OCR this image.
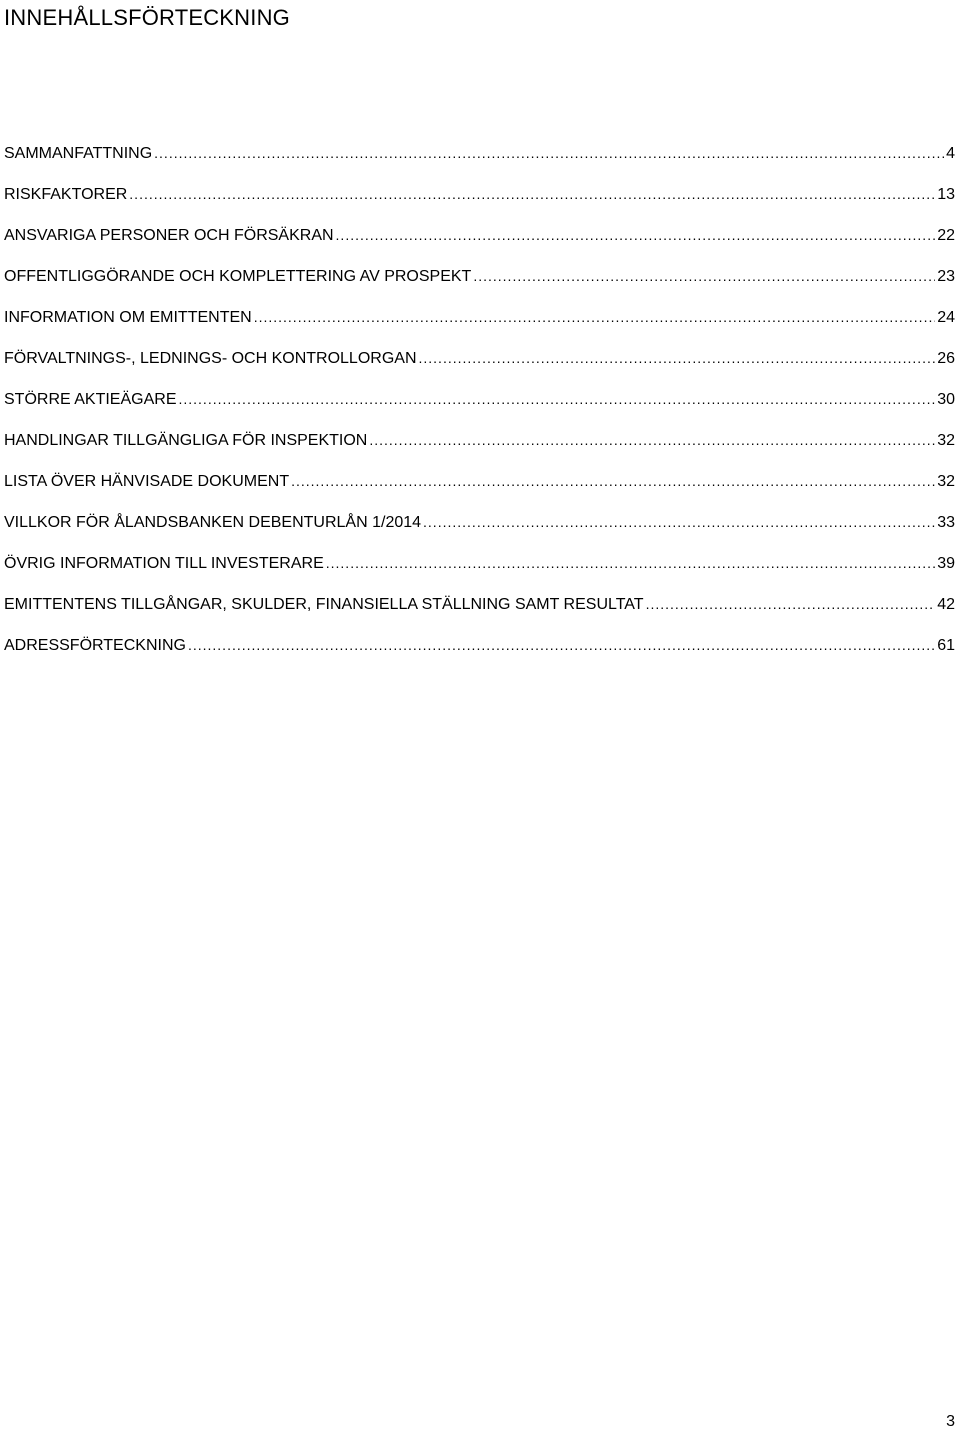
INNEHÅLLSFÖRTECKNING
SAMMANFATTNING .....	4
RISKFAKTORER .....	13
ANSVARIGA PERSONER OCH FÖRSÄKRAN .....	22
OFFENTLIGGÖRANDE OCH KOMPLETTERING AV PROSPEKT .....	23
INFORMATION OM EMITTENTEN .....	24
FÖRVALTNINGS-, LEDNINGS- OCH KONTROLLORGAN .....	26
STÖRRE AKTIEÄGARE .....	30
HANDLINGAR TILLGÄNGLIGA FÖR INSPEKTION .....	32
LISTA ÖVER HÄNVISADE DOKUMENT .....	32
VILLKOR FÖR ÅLANDSBANKEN DEBENTURLÅN 1/2014 .....	33
ÖVRIG INFORMATION TILL INVESTERARE .....	39
EMITTENTENS TILLGÅNGAR, SKULDER, FINANSIELLA STÄLLNING SAMT RESULTAT .....	42
ADRESSFÖRTECKNING .....	61
3
